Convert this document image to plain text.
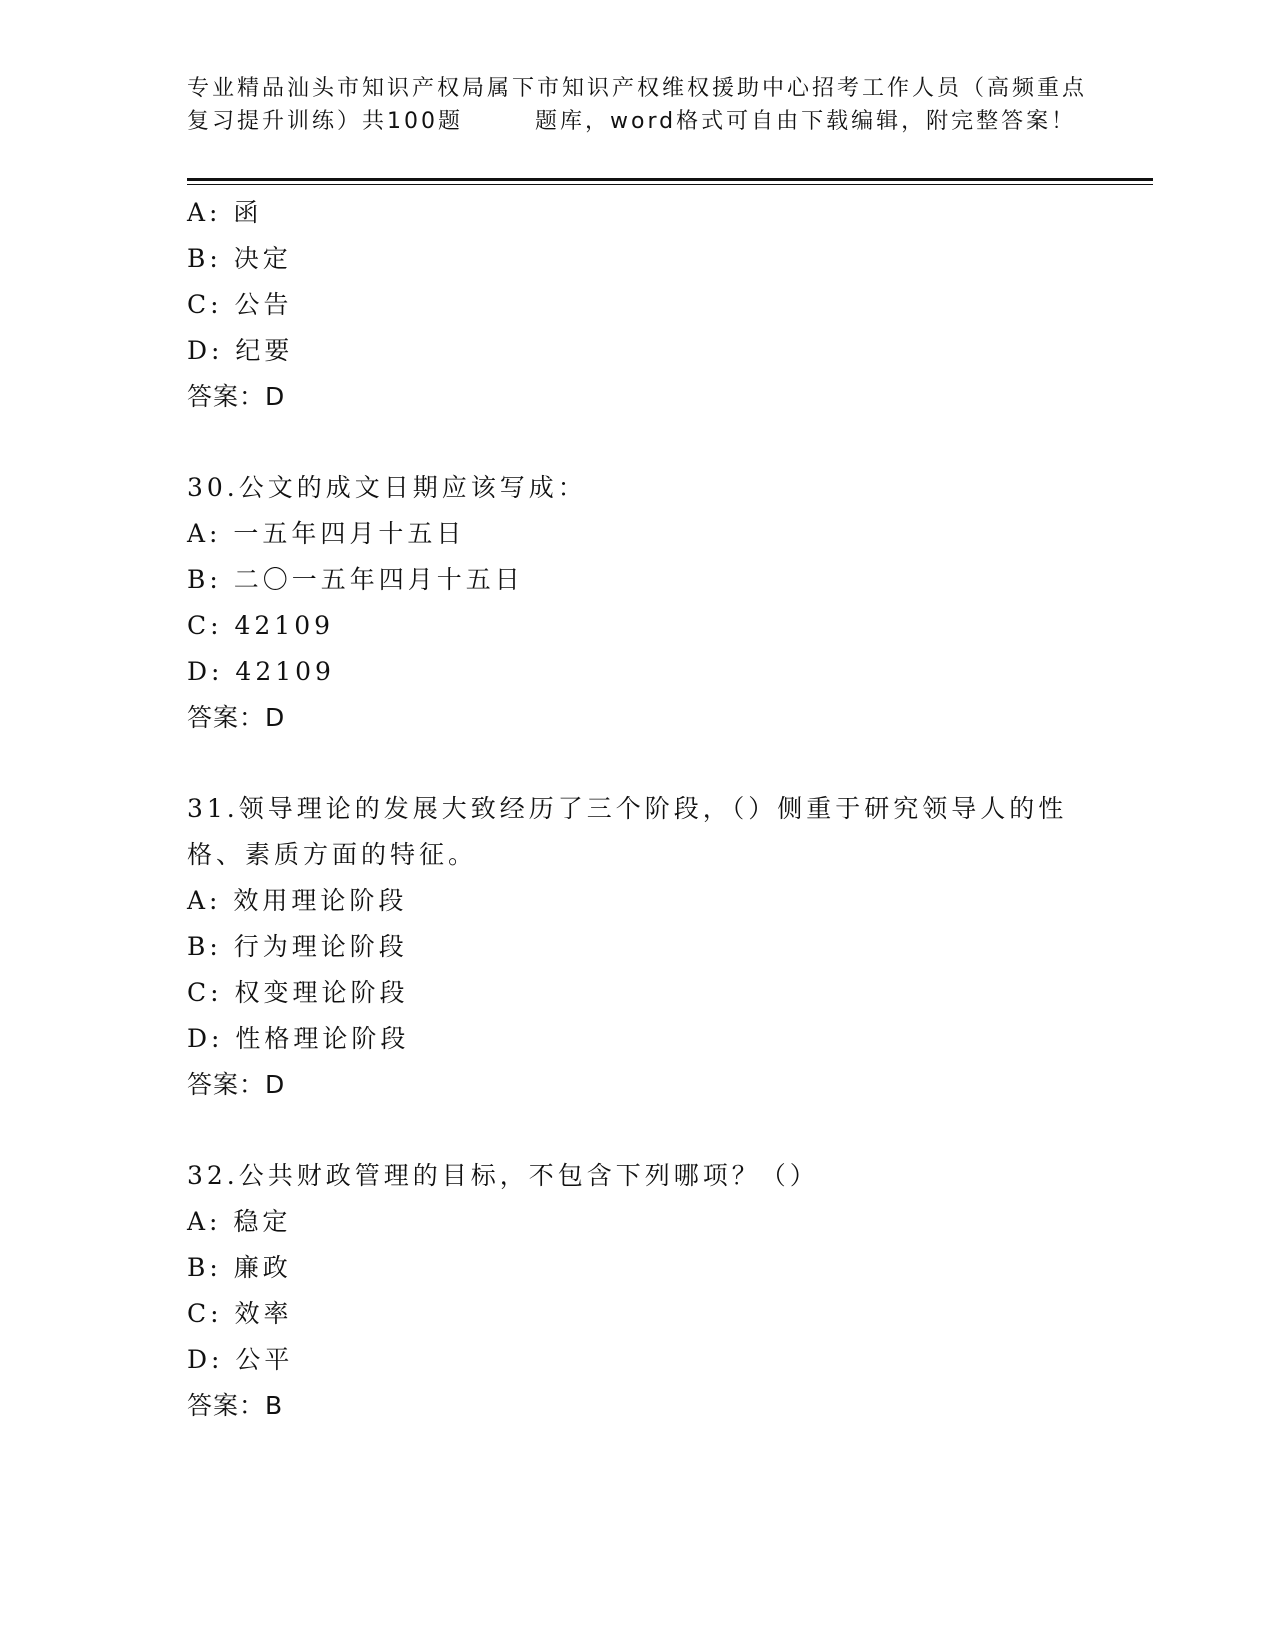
专业精品汕头市知识产权局属下市知识产权维权援助中心招考工作人员（高频重点
复习提升训练）共100题	题库，word格式可自由下载编辑，附完整答案！
A: 函
B: 决定
C: 公告
D: 纪要
答案：D
30.公文的成文日期应该写成：
A: 一五年四月十五日
B: 二〇一五年四月十五日
C: 42109
D: 42109
答案：D
31.领导理论的发展大致经历了三个阶段，（）侧重于研究领导人的性
格、素质方面的特征。
A: 效用理论阶段
B: 行为理论阶段
C: 权变理论阶段
D: 性格理论阶段
答案：D
32.公共财政管理的目标，不包含下列哪项？（）
A: 稳定
B: 廉政
C: 效率
D: 公平
答案：B
